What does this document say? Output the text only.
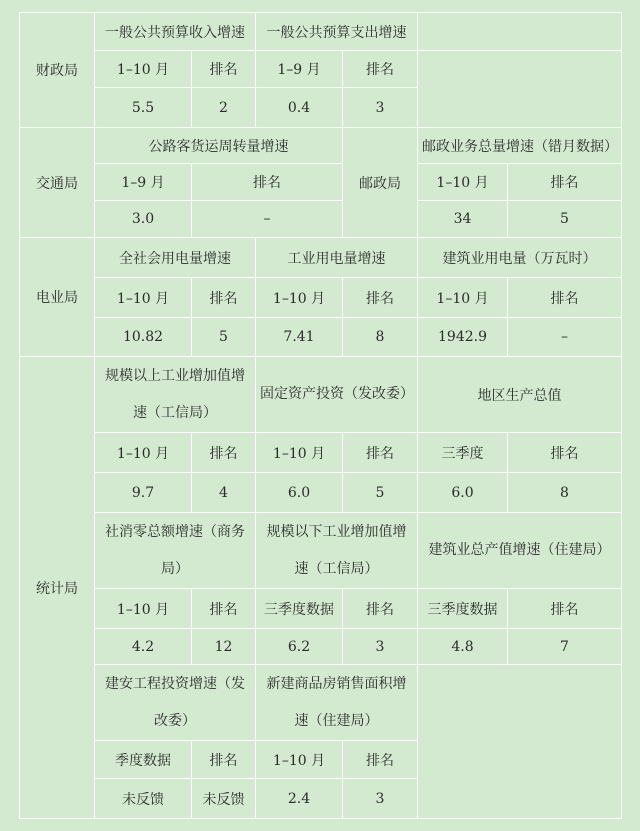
财政局	一般公共预算收入增速		一般公共预算支出增速			
	1–10 月	排名	1–9 月	排名		
	5.5	2	0.4	3		
交通局	公路客货运周转量增速			邮政局	邮政业务总量增速（错月数据）	
	1–9 月	排名			1–10 月	排名
	3.0	–			34	5
电业局	全社会用电量增速		工业用电量增速		建筑业用电量（万瓦时）	
	1–10 月	排名	1–10 月	排名	1–10 月	排名
	10.82	5	7.41	8	1942.9	–
统计局	规模以上工业增加值增速（工信局）		固定资产投资（发改委）		地区生产总值	
	1–10 月	排名	1–10 月	排名	三季度	排名
	9.7	4	6.0	5	6.0	8
	社消零总额增速（商务局）		规模以下工业增加值增速（工信局）		建筑业总产值增速（住建局）	
	1–10 月	排名	三季度数据	排名	三季度数据	排名
	4.2	12	6.2	3	4.8	7
	建安工程投资增速（发改委）		新建商品房销售面积增速（住建局）			
	季度数据	排名	1–10 月	排名		
	未反馈	未反馈	2.4	3		
